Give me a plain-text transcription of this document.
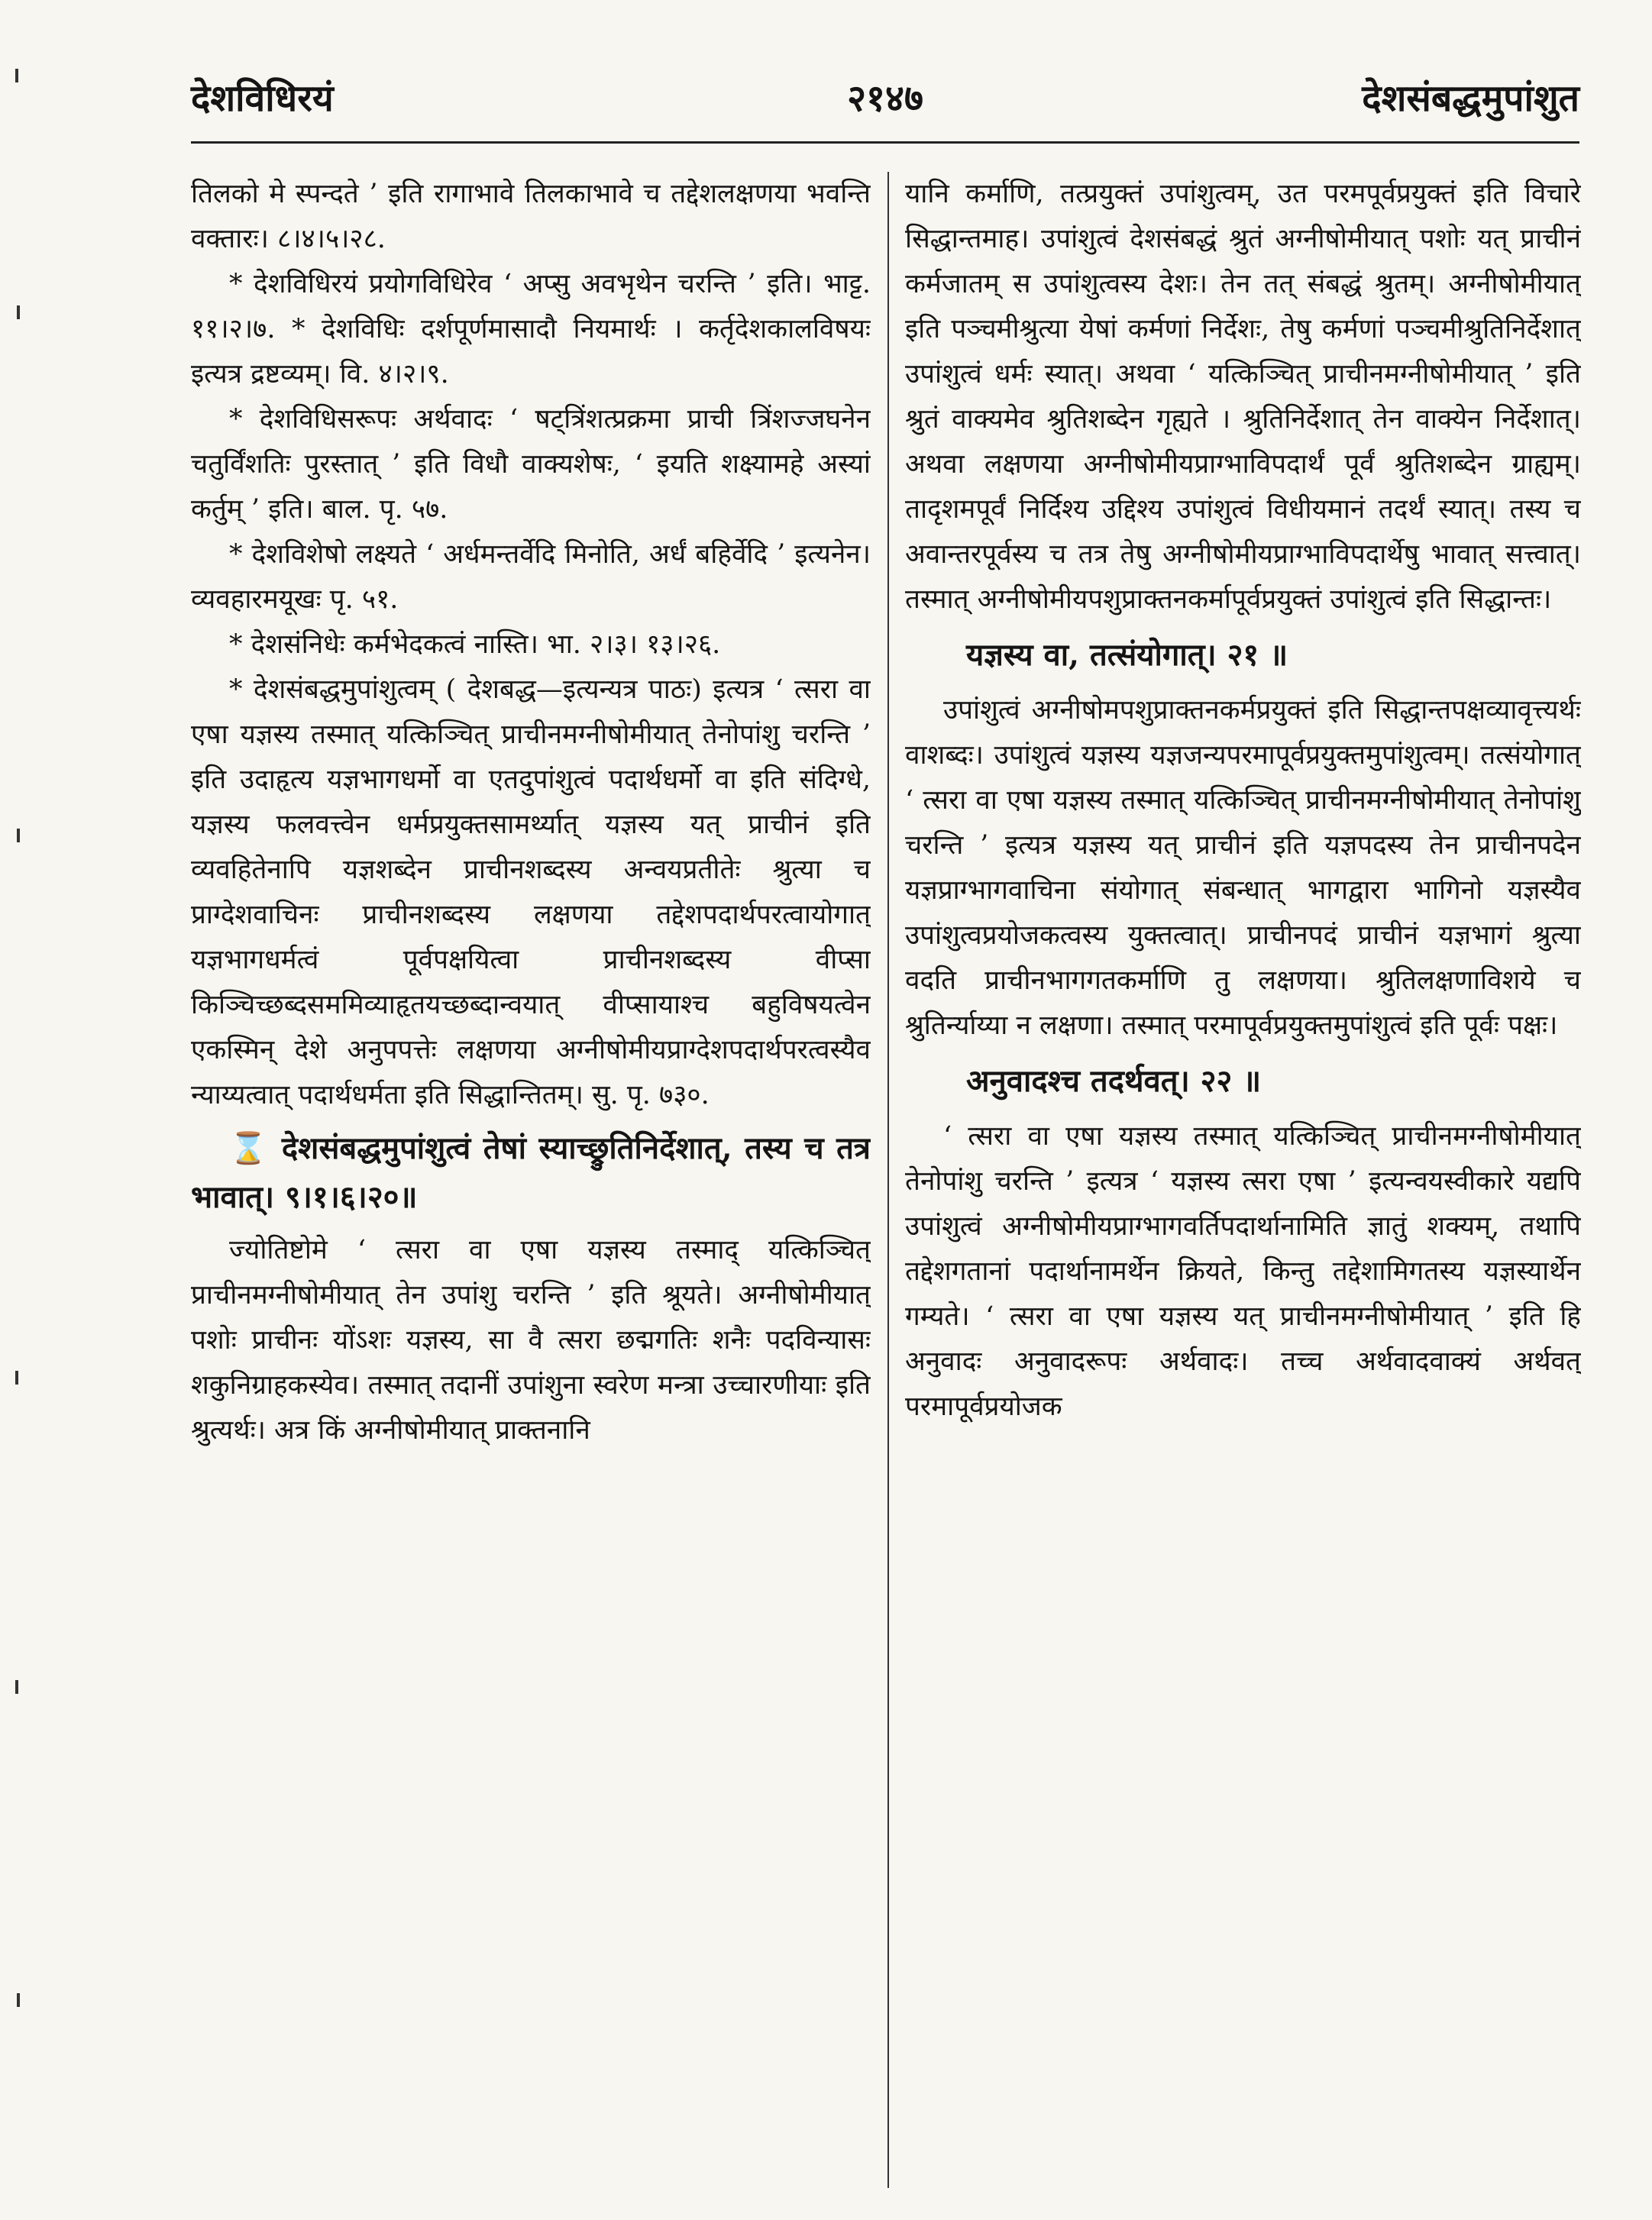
देशविधिरयं	२१४७	देशसंबद्धमुपांशुत

तिलको मे स्पन्दते ’ इति रागाभावे तिलकाभावे च तद्देशलक्षणया भवन्ति वक्तारः। ८।४।५।२८.

* देशविधिरयं प्रयोगविधिरेव ‘ अप्सु अवभृथेन चरन्ति ’ इति। भाट्ट. ११।२।७. * देशविधिः दर्शपूर्णमासादौ नियमार्थः । कर्तृदेशकालविषयः इत्यत्र द्रष्टव्यम्। वि. ४।२।९.

* देशविधिसरूपः अर्थवादः ‘ षट्त्रिंशत्प्रक्रमा प्राची त्रिंशज्जघनेन चतुर्विंशतिः पुरस्तात् ’ इति विधौ वाक्यशेषः, ‘ इयति शक्ष्यामहे अस्यां कर्तुम् ’ इति। बाल. पृ. ५७.

* देशविशेषो लक्ष्यते ‘ अर्धमन्तर्वेदि मिनोति, अर्धं बहिर्वेदि ’ इत्यनेन। व्यवहारमयूखः पृ. ५१.

* देशसंनिधेः कर्मभेदकत्वं नास्ति। भा. २।३। १३।२६.

* देशसंबद्धमुपांशुत्वम् ( देशबद्ध—इत्यन्यत्र पाठः) इत्यत्र ‘ त्सरा वा एषा यज्ञस्य तस्मात् यत्किञ्चित् प्राचीनमग्नीषोमीयात् तेनोपांशु चरन्ति ’ इति उदाहृत्य यज्ञभागधर्मो वा एतदुपांशुत्वं पदार्थधर्मो वा इति संदिग्धे, यज्ञस्य फलवत्त्वेन धर्मप्रयुक्तसामर्थ्यात् यज्ञस्य यत् प्राचीनं इति व्यवहितेनापि यज्ञशब्देन प्राचीनशब्दस्य अन्वयप्रतीतेः श्रुत्या च प्राग्देशवाचिनः प्राचीनशब्दस्य लक्षणया तद्देशपदार्थपरत्वायोगात् यज्ञभागधर्मत्वं पूर्वपक्षयित्वा प्राचीनशब्दस्य वीप्सा किञ्चिच्छब्दसममिव्याहृतयच्छब्दान्वयात् वीप्सायाश्च बहुविषयत्वेन एकस्मिन् देशे अनुपपत्तेः लक्षणया अग्नीषोमीयप्राग्देशपदार्थपरत्वस्यैव न्याय्यत्वात् पदार्थधर्मता इति सिद्धान्तितम्। सु. पृ. ७३०.

⌛ देशसंबद्धमुपांशुत्वं तेषां स्याच्छ्रुतिनिर्देशात्, तस्य च तत्र भावात्। ९।१।६।२०॥

ज्योतिष्टोमे ‘ त्सरा वा एषा यज्ञस्य तस्माद् यत्किञ्चित् प्राचीनमग्नीषोमीयात् तेन उपांशु चरन्ति ’ इति श्रूयते। अग्नीषोमीयात् पशोः प्राचीनः योंऽशः यज्ञस्य, सा वै त्सरा छद्मगतिः शनैः पदविन्यासः शकुनिग्राहकस्येव। तस्मात् तदानीं उपांशुना स्वरेण मन्त्रा उच्चारणीयाः इति श्रुत्यर्थः। अत्र किं अग्नीषोमीयात् प्राक्तनानि

यानि कर्माणि, तत्प्रयुक्तं उपांशुत्वम्, उत परमपूर्वप्रयुक्तं इति विचारे सिद्धान्तमाह। उपांशुत्वं देशसंबद्धं श्रुतं अग्नीषोमीयात् पशोः यत् प्राचीनं कर्मजातम् स उपांशुत्वस्य देशः। तेन तत् संबद्धं श्रुतम्। अग्नीषोमीयात् इति पञ्चमीश्रुत्या येषां कर्मणां निर्देशः, तेषु कर्मणां पञ्चमीश्रुतिनिर्देशात् उपांशुत्वं धर्मः स्यात्। अथवा ‘ यत्किञ्चित् प्राचीनमग्नीषोमीयात् ’ इति श्रुतं वाक्यमेव श्रुतिशब्देन गृह्यते । श्रुतिनिर्देशात् तेन वाक्येन निर्देशात्। अथवा लक्षणया अग्नीषोमीयप्राग्भाविपदार्थं पूर्वं श्रुतिशब्देन ग्राह्यम्। तादृशमपूर्वं निर्दिश्य उद्दिश्य उपांशुत्वं विधीयमानं तदर्थं स्यात्। तस्य च अवान्तरपूर्वस्य च तत्र तेषु अग्नीषोमीयप्राग्भाविपदार्थेषु भावात् सत्त्वात्। तस्मात् अग्नीषोमीयपशुप्राक्तनकर्मापूर्वप्रयुक्तं उपांशुत्वं इति सिद्धान्तः।

यज्ञस्य वा, तत्संयोगात्। २१ ॥

उपांशुत्वं अग्नीषोमपशुप्राक्तनकर्मप्रयुक्तं इति सिद्धान्तपक्षव्यावृत्त्यर्थः वाशब्दः। उपांशुत्वं यज्ञस्य यज्ञजन्यपरमापूर्वप्रयुक्तमुपांशुत्वम्। तत्संयोगात् ‘ त्सरा वा एषा यज्ञस्य तस्मात् यत्किञ्चित् प्राचीनमग्नीषोमीयात् तेनोपांशु चरन्ति ’ इत्यत्र यज्ञस्य यत् प्राचीनं इति यज्ञपदस्य तेन प्राचीनपदेन यज्ञप्राग्भागवाचिना संयोगात् संबन्धात् भागद्वारा भागिनो यज्ञस्यैव उपांशुत्वप्रयोजकत्वस्य युक्तत्वात्। प्राचीनपदं प्राचीनं यज्ञभागं श्रुत्या वदति प्राचीनभागगतकर्माणि तु लक्षणया। श्रुतिलक्षणाविशये च श्रुतिर्न्याय्या न लक्षणा। तस्मात् परमापूर्वप्रयुक्तमुपांशुत्वं इति पूर्वः पक्षः।

अनुवादश्च तदर्थवत्। २२ ॥

‘ त्सरा वा एषा यज्ञस्य तस्मात् यत्किञ्चित् प्राचीनमग्नीषोमीयात् तेनोपांशु चरन्ति ’ इत्यत्र ‘ यज्ञस्य त्सरा एषा ’ इत्यन्वयस्वीकारे यद्यपि उपांशुत्वं अग्नीषोमीयप्राग्भागवर्तिपदार्थानामिति ज्ञातुं शक्यम्, तथापि तद्देशगतानां पदार्थानामर्थेन क्रियते, किन्तु तद्देशामिगतस्य यज्ञस्यार्थेन गम्यते। ‘ त्सरा वा एषा यज्ञस्य यत् प्राचीनमग्नीषोमीयात् ’ इति हि अनुवादः अनुवादरूपः अर्थवादः। तच्च अर्थवादवाक्यं अर्थवत् परमापूर्वप्रयोजक
